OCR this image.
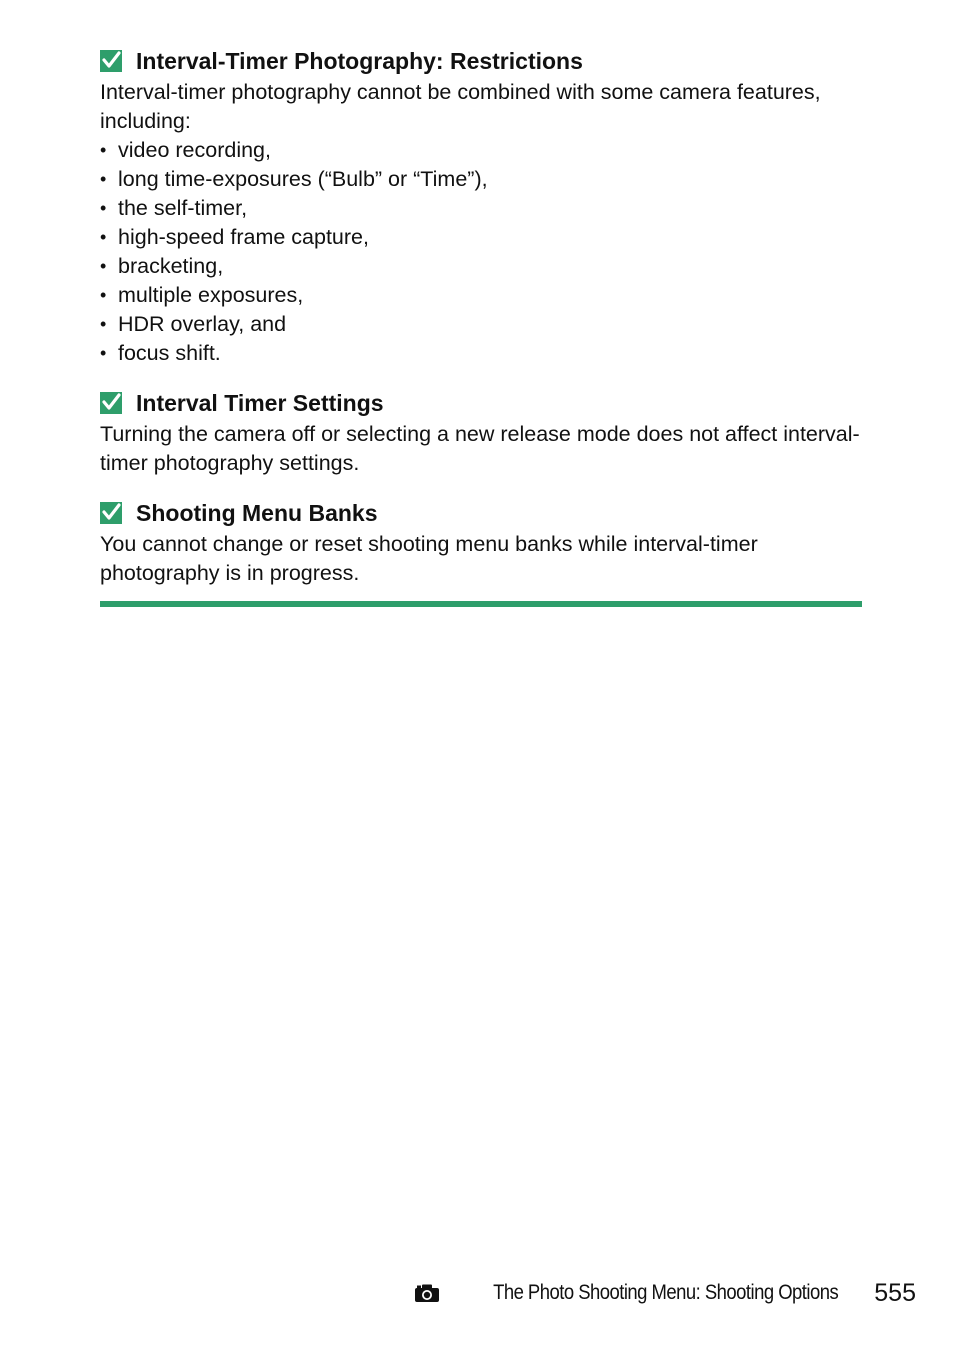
Interval-Timer Photography: Restrictions

Interval-timer photography cannot be combined with some camera features, including:

• video recording,
• long time-exposures (“Bulb” or “Time”),
• the self-timer,
• high-speed frame capture,
• bracketing,
• multiple exposures,
• HDR overlay, and
• focus shift.
Interval Timer Settings

Turning the camera off or selecting a new release mode does not affect interval-timer photography settings.

Shooting Menu Banks

You cannot change or reset shooting menu banks while interval-timer photography is in progress.

The Photo Shooting Menu: Shooting Options 555
